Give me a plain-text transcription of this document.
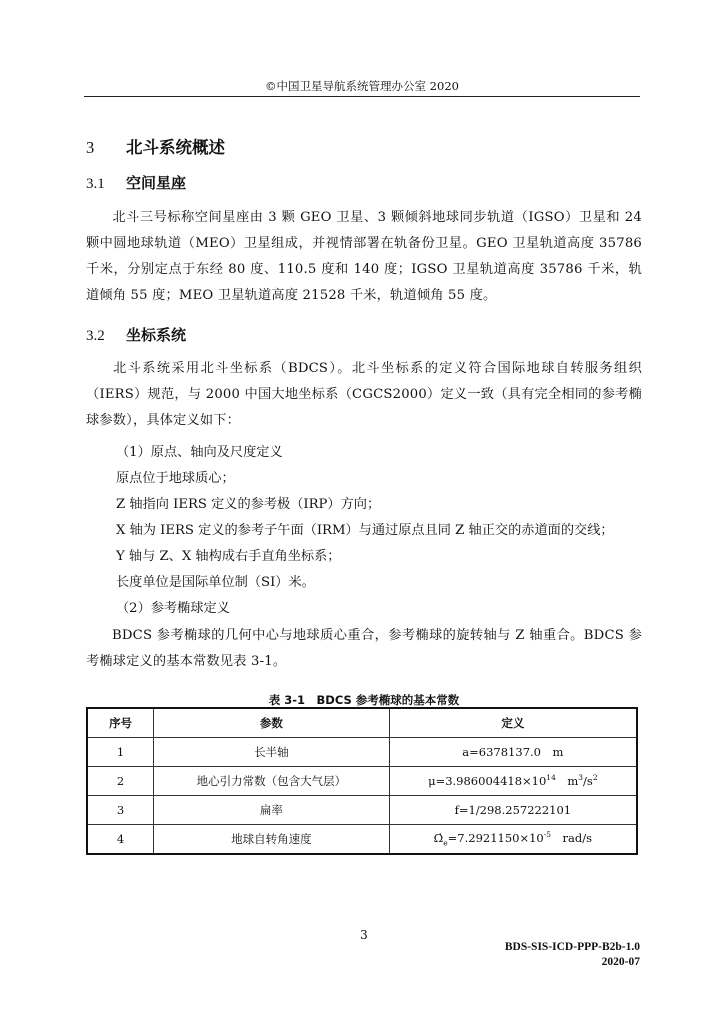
©中国卫星导航系统管理办公室 2020
3 北斗系统概述
3.1 空间星座
北斗三号标称空间星座由 3 颗 GEO 卫星、3 颗倾斜地球同步轨道（IGSO）卫星和 24 颗中圆地球轨道（MEO）卫星组成，并视情部署在轨备份卫星。GEO 卫星轨道高度 35786 千米，分别定点于东经 80 度、110.5 度和 140 度；IGSO 卫星轨道高度 35786 千米，轨道倾角 55 度；MEO 卫星轨道高度 21528 千米，轨道倾角 55 度。
3.2 坐标系统
北斗系统采用北斗坐标系（BDCS）。北斗坐标系的定义符合国际地球自转服务组织（IERS）规范，与 2000 中国大地坐标系（CGCS2000）定义一致（具有完全相同的参考椭球参数），具体定义如下：
（1）原点、轴向及尺度定义
原点位于地球质心；
Z 轴指向 IERS 定义的参考极（IRP）方向；
X 轴为 IERS 定义的参考子午面（IRM）与通过原点且同 Z 轴正交的赤道面的交线；
Y 轴与 Z、X 轴构成右手直角坐标系；
长度单位是国际单位制（SI）米。
（2）参考椭球定义
BDCS 参考椭球的几何中心与地球质心重合，参考椭球的旋转轴与 Z 轴重合。BDCS 参考椭球定义的基本常数见表 3-1。
表 3-1　BDCS 参考椭球的基本常数
序号	参数	定义
1	长半轴	a=6378137.0　m
2	地心引力常数（包含大气层）	$\mu=3.986004418\times 10^{14}$　$m^3/s^2$
3	扁率	f=1/298.257222101
4	地球自转角速度	$\Omegȧ_e=7.2921150\times 10^{-5}$　rad/s
3
BDS-SIS-ICD-PPP-B2b-1.0
2020-07
